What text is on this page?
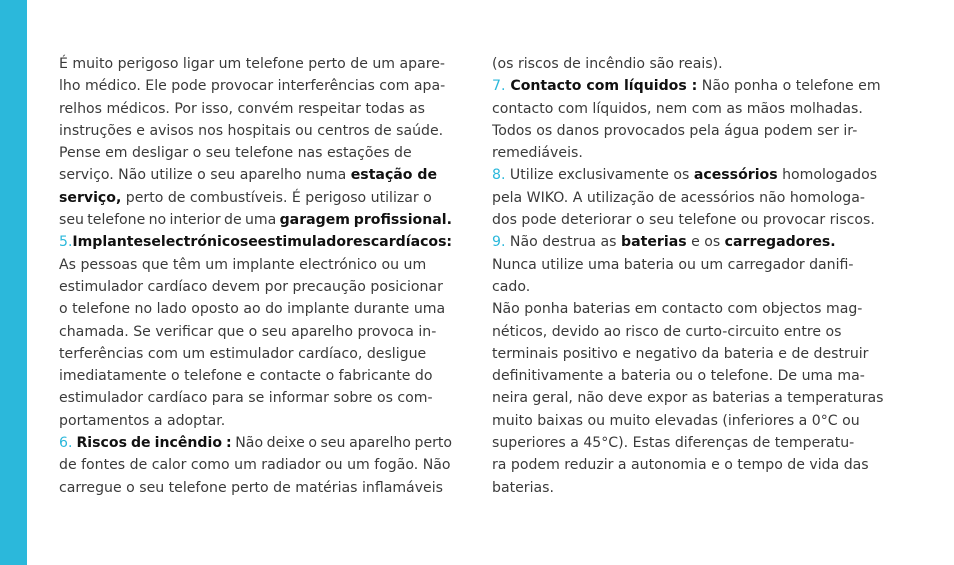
É muito perigoso ligar um telefone perto de um apare-
lho médico. Ele pode provocar interferências com apa-
relhos médicos. Por isso, convém respeitar todas as
instruções e avisos nos hospitais ou centros de saúde.
Pense em desligar o seu telefone nas estações de
serviço. Não utilize o seu aparelho numa estação de
serviço, perto de combustíveis. É perigoso utilizar o
seu telefone no interior de uma garagem profissional.
5. Implantes electrónicos e estimuladores cardíacos :
As pessoas que têm um implante electrónico ou um
estimulador cardíaco devem por precaução posicionar
o telefone no lado oposto ao do implante durante uma
chamada. Se verificar que o seu aparelho provoca in-
terferências com um estimulador cardíaco, desligue
imediatamente o telefone e contacte o fabricante do
estimulador cardíaco para se informar sobre os com-
portamentos a adoptar.
6. Riscos de incêndio : Não deixe o seu aparelho perto
de fontes de calor como um radiador ou um fogão. Não
carregue o seu telefone perto de matérias inflamáveis
(os riscos de incêndio são reais).
7. Contacto com líquidos : Não ponha o telefone em
contacto com líquidos, nem com as mãos molhadas.
Todos os danos provocados pela água podem ser ir-
remediáveis.
8. Utilize exclusivamente os acessórios homologados
pela WIKO. A utilização de acessórios não homologa-
dos pode deteriorar o seu telefone ou provocar riscos.
9. Não destrua as baterias e os carregadores.
Nunca utilize uma bateria ou um carregador danifi-
cado.
Não ponha baterias em contacto com objectos mag-
néticos, devido ao risco de curto-circuito entre os
terminais positivo e negativo da bateria e de destruir
definitivamente a bateria ou o telefone. De uma ma-
neira geral, não deve expor as baterias a temperaturas
muito baixas ou muito elevadas (inferiores a 0°C ou
superiores a 45°C). Estas diferenças de temperatu-
ra podem reduzir a autonomia e o tempo de vida das
baterias.
